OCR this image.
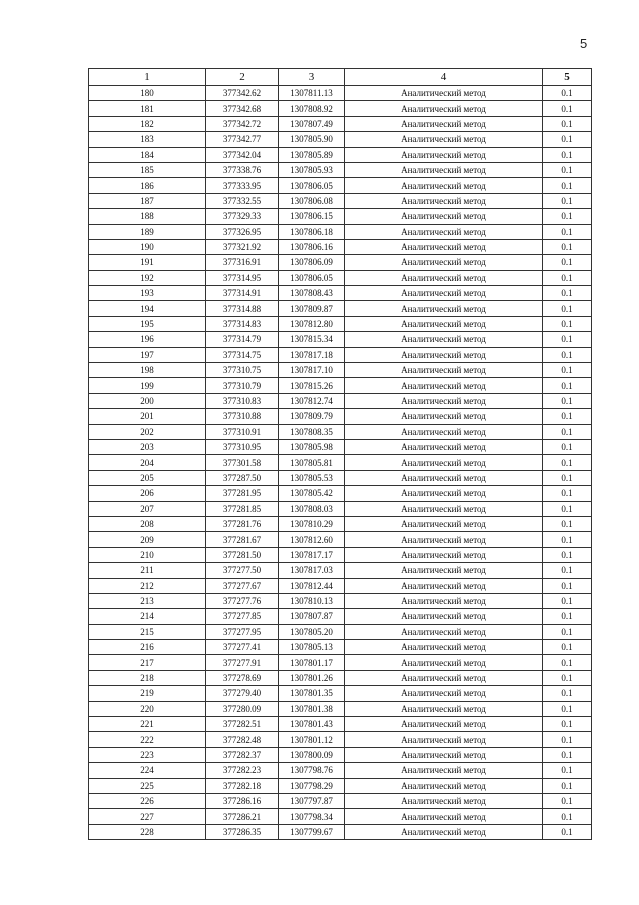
5
1	2	3	4	5
180	377342.62	1307811.13	Аналитический метод	0.1
181	377342.68	1307808.92	Аналитический метод	0.1
182	377342.72	1307807.49	Аналитический метод	0.1
183	377342.77	1307805.90	Аналитический метод	0.1
184	377342.04	1307805.89	Аналитический метод	0.1
185	377338.76	1307805.93	Аналитический метод	0.1
186	377333.95	1307806.05	Аналитический метод	0.1
187	377332.55	1307806.08	Аналитический метод	0.1
188	377329.33	1307806.15	Аналитический метод	0.1
189	377326.95	1307806.18	Аналитический метод	0.1
190	377321.92	1307806.16	Аналитический метод	0.1
191	377316.91	1307806.09	Аналитический метод	0.1
192	377314.95	1307806.05	Аналитический метод	0.1
193	377314.91	1307808.43	Аналитический метод	0.1
194	377314.88	1307809.87	Аналитический метод	0.1
195	377314.83	1307812.80	Аналитический метод	0.1
196	377314.79	1307815.34	Аналитический метод	0.1
197	377314.75	1307817.18	Аналитический метод	0.1
198	377310.75	1307817.10	Аналитический метод	0.1
199	377310.79	1307815.26	Аналитический метод	0.1
200	377310.83	1307812.74	Аналитический метод	0.1
201	377310.88	1307809.79	Аналитический метод	0.1
202	377310.91	1307808.35	Аналитический метод	0.1
203	377310.95	1307805.98	Аналитический метод	0.1
204	377301.58	1307805.81	Аналитический метод	0.1
205	377287.50	1307805.53	Аналитический метод	0.1
206	377281.95	1307805.42	Аналитический метод	0.1
207	377281.85	1307808.03	Аналитический метод	0.1
208	377281.76	1307810.29	Аналитический метод	0.1
209	377281.67	1307812.60	Аналитический метод	0.1
210	377281.50	1307817.17	Аналитический метод	0.1
211	377277.50	1307817.03	Аналитический метод	0.1
212	377277.67	1307812.44	Аналитический метод	0.1
213	377277.76	1307810.13	Аналитический метод	0.1
214	377277.85	1307807.87	Аналитический метод	0.1
215	377277.95	1307805.20	Аналитический метод	0.1
216	377277.41	1307805.13	Аналитический метод	0.1
217	377277.91	1307801.17	Аналитический метод	0.1
218	377278.69	1307801.26	Аналитический метод	0.1
219	377279.40	1307801.35	Аналитический метод	0.1
220	377280.09	1307801.38	Аналитический метод	0.1
221	377282.51	1307801.43	Аналитический метод	0.1
222	377282.48	1307801.12	Аналитический метод	0.1
223	377282.37	1307800.09	Аналитический метод	0.1
224	377282.23	1307798.76	Аналитический метод	0.1
225	377282.18	1307798.29	Аналитический метод	0.1
226	377286.16	1307797.87	Аналитический метод	0.1
227	377286.21	1307798.34	Аналитический метод	0.1
228	377286.35	1307799.67	Аналитический метод	0.1
